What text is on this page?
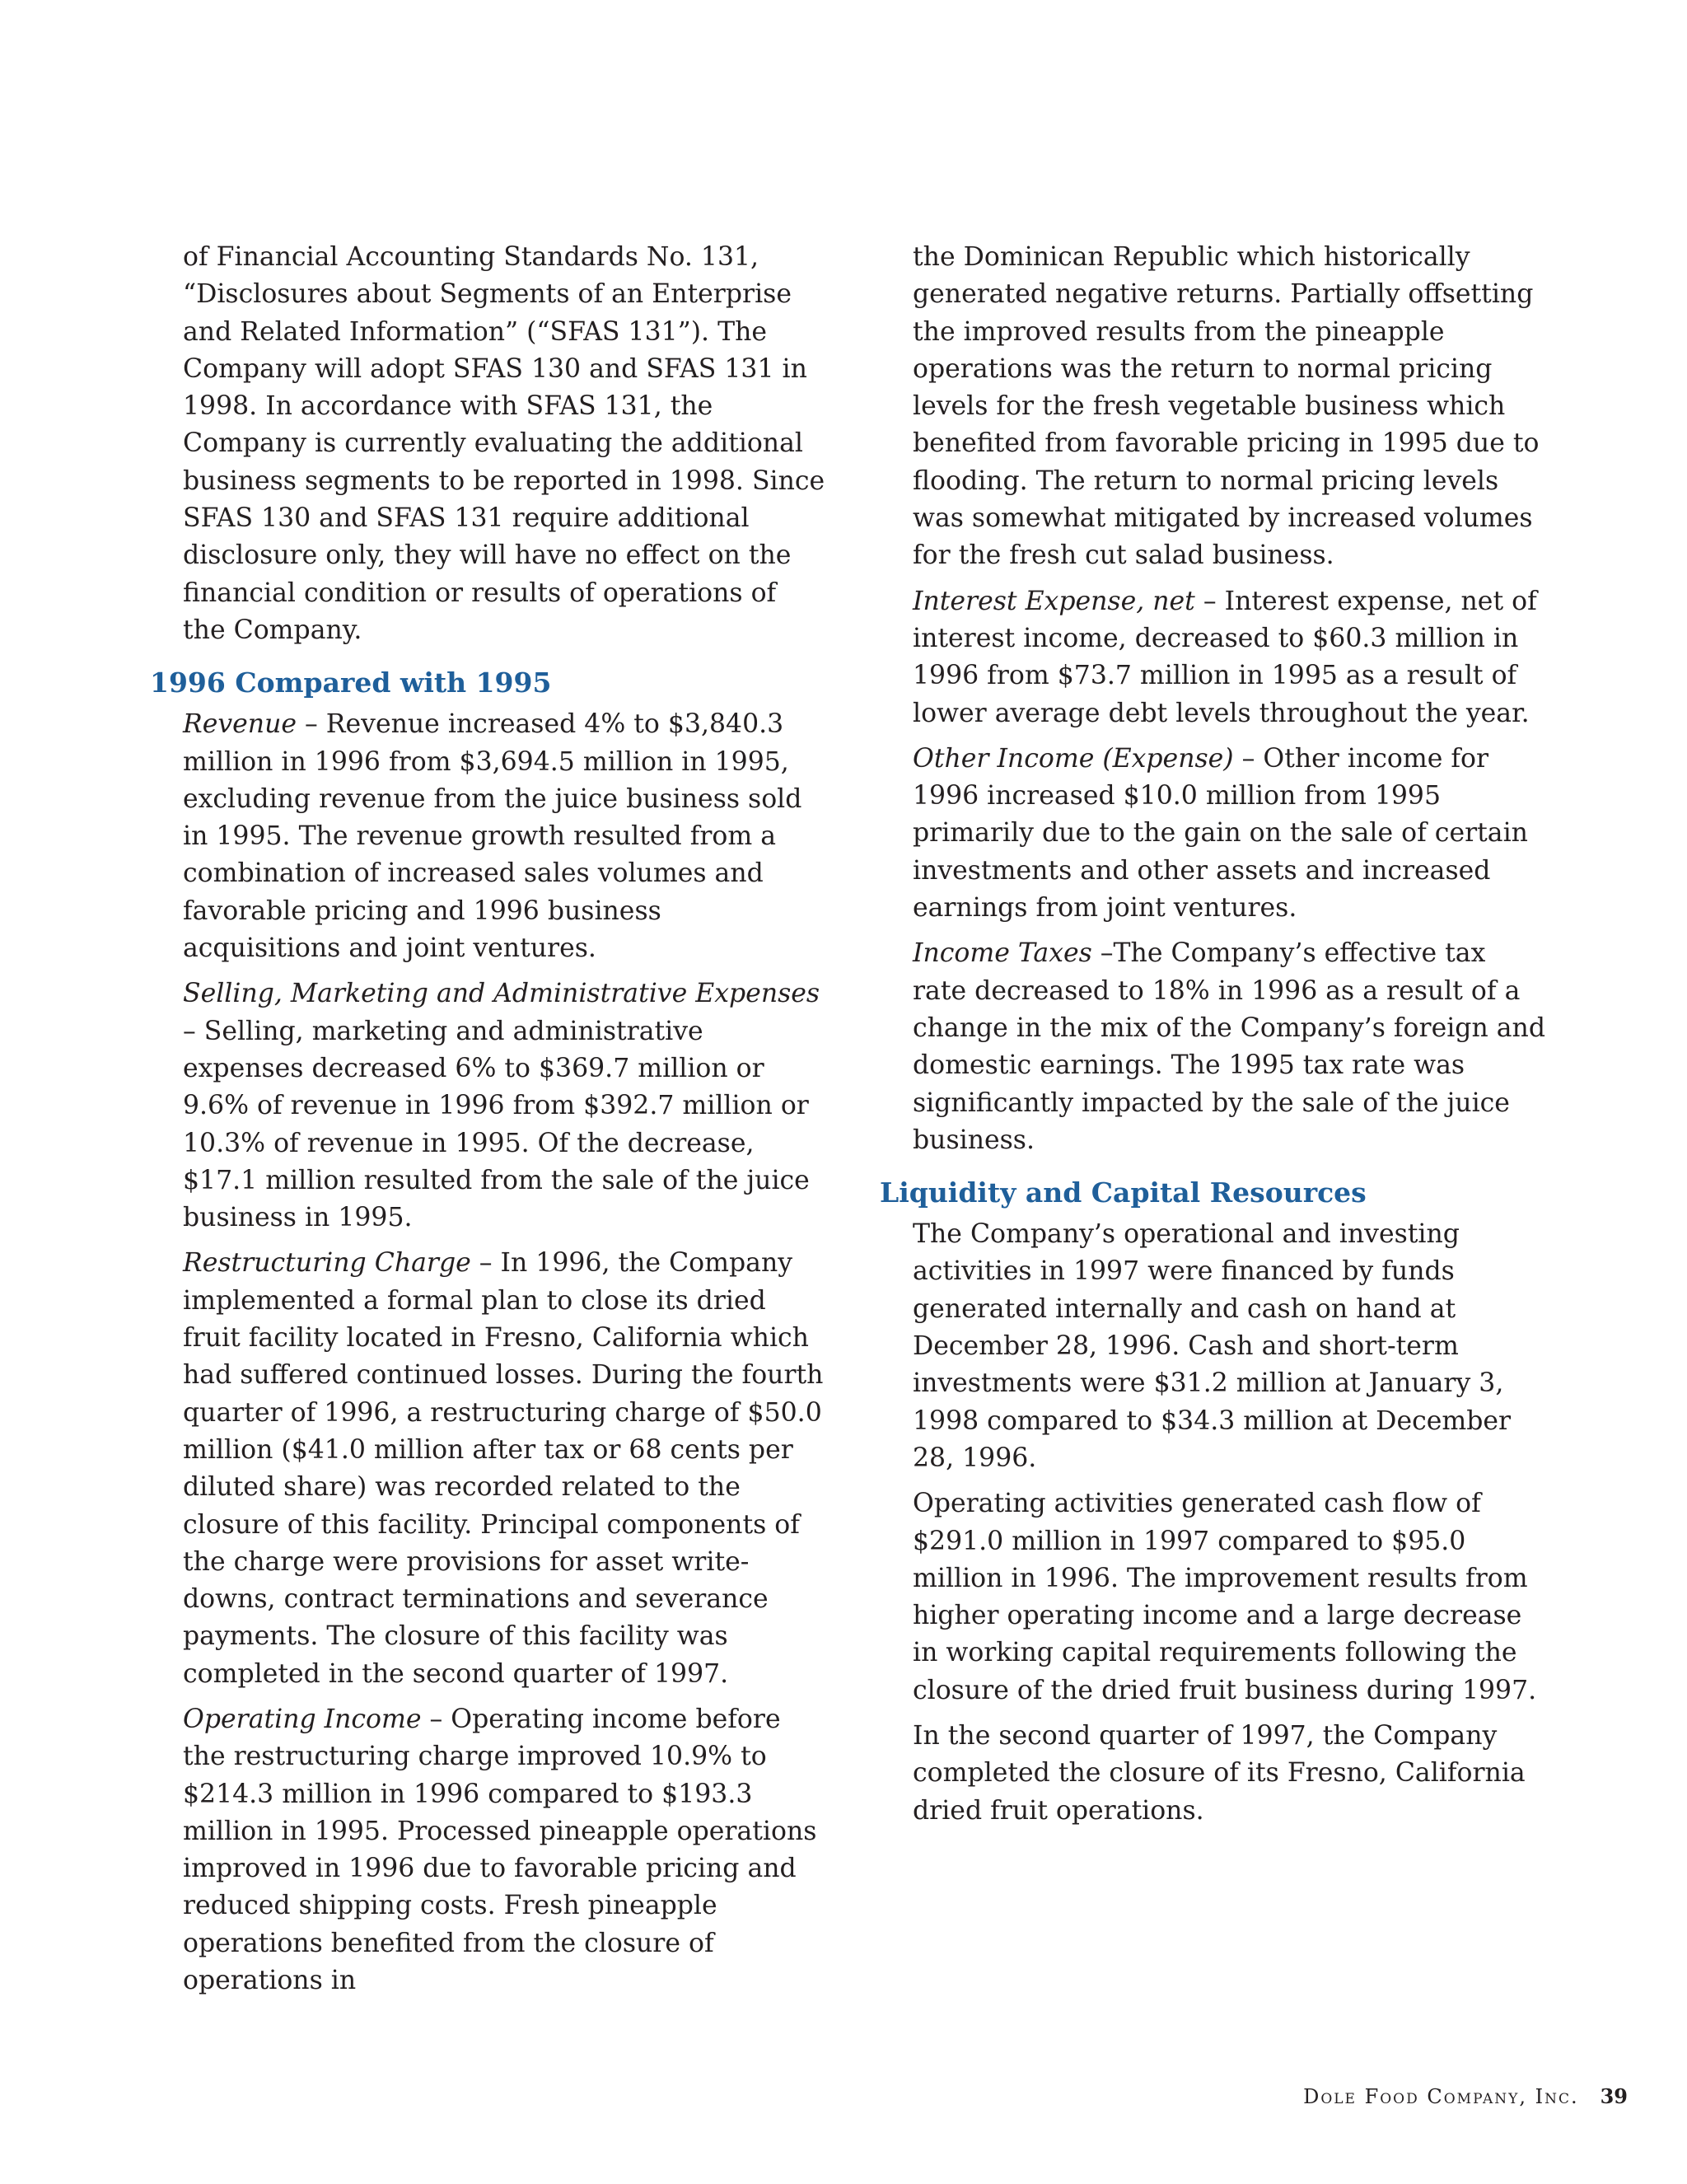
of Financial Accounting Standards No. 131, “Disclosures about Segments of an Enterprise and Related Information” (“SFAS 131”). The Company will adopt SFAS 130 and SFAS 131 in 1998. In accordance with SFAS 131, the Company is currently evaluating the additional business segments to be reported in 1998. Since SFAS 130 and SFAS 131 require additional disclosure only, they will have no effect on the financial condition or results of operations of the Company.

1996 Compared with 1995

Revenue – Revenue increased 4% to $3,840.3 million in 1996 from $3,694.5 million in 1995, excluding revenue from the juice business sold in 1995. The revenue growth resulted from a combination of increased sales volumes and favorable pricing and 1996 business acquisitions and joint ventures.

Selling, Marketing and Administrative Expenses – Selling, marketing and administrative expenses decreased 6% to $369.7 million or 9.6% of revenue in 1996 from $392.7 million or 10.3% of revenue in 1995. Of the decrease, $17.1 million resulted from the sale of the juice business in 1995.

Restructuring Charge – In 1996, the Company implemented a formal plan to close its dried fruit facility located in Fresno, California which had suffered continued losses. During the fourth quarter of 1996, a restructuring charge of $50.0 million ($41.0 million after tax or 68 cents per diluted share) was recorded related to the closure of this facility. Principal components of the charge were provisions for asset write-downs, contract terminations and severance payments. The closure of this facility was completed in the second quarter of 1997.

Operating Income – Operating income before the restructuring charge improved 10.9% to $214.3 million in 1996 compared to $193.3 million in 1995. Processed pineapple operations improved in 1996 due to favorable pricing and reduced shipping costs. Fresh pineapple operations benefited from the closure of operations in

the Dominican Republic which historically generated negative returns. Partially offsetting the improved results from the pineapple operations was the return to normal pricing levels for the fresh vegetable business which benefited from favorable pricing in 1995 due to flooding. The return to normal pricing levels was somewhat mitigated by increased volumes for the fresh cut salad business.

Interest Expense, net – Interest expense, net of interest income, decreased to $60.3 million in 1996 from $73.7 million in 1995 as a result of lower average debt levels throughout the year.

Other Income (Expense) – Other income for 1996 increased $10.0 million from 1995 primarily due to the gain on the sale of certain investments and other assets and increased earnings from joint ventures.

Income Taxes –The Company’s effective tax rate decreased to 18% in 1996 as a result of a change in the mix of the Company’s foreign and domestic earnings. The 1995 tax rate was significantly impacted by the sale of the juice business.

Liquidity and Capital Resources

The Company’s operational and investing activities in 1997 were financed by funds generated internally and cash on hand at December 28, 1996. Cash and short-term investments were $31.2 million at January 3, 1998 compared to $34.3 million at December 28, 1996.

Operating activities generated cash flow of $291.0 million in 1997 compared to $95.0 million in 1996. The improvement results from higher operating income and a large decrease in working capital requirements following the closure of the dried fruit business during 1997.

In the second quarter of 1997, the Company completed the closure of its Fresno, California dried fruit operations.

Dole Food Company, Inc. 39
